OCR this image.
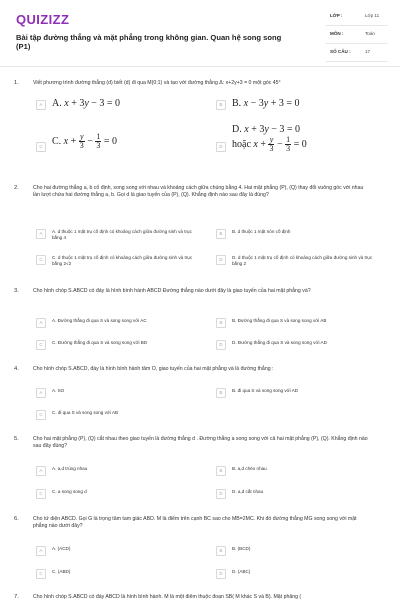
QUIZIZZ
Bài tập đường thẳng và mặt phẳng trong không gian. Quan hệ song song (P1)
LỚP :	Lớp 11
MÔN :	Toán
SỐ CÂU :	17
1.	Viết phương trình đường thẳng (d) biết (d) đi qua M(0;1) và tạo với đường thẳng Δ: x+2y+3 = 0 một góc 45°
A A. x + 3y − 3 = 0	B B. x − 3y + 3 = 0
C C. $x + \frac{y}{3} - \frac{1}{3} = 0$	D
D. x + 3y − 3 = 0
hoặc $x + \frac{y}{3} - \frac{1}{3} = 0$
2.	Cho hai đường thẳng a, b cố định, song song với nhau và khoảng cách giữa chúng bằng 4. Hai mặt phẳng (P), (Q) thay đổi vuông góc với nhau lần lượt chứa hai đường thẳng a, b. Gọi d là giao tuyến của (P), (Q). Khẳng định nào sau đây là đúng?
A	A. d thuộc 1 mặt trụ cố định có khoảng cách giữa đường sinh và trục bằng 4
B	B. d thuộc 1 mặt nón cố định
C	C. d thuộc 1 mặt trụ cố định có khoảng cách giữa đường sinh và trục bằng 2√2
D	D. d thuộc 1 mặt trụ cố định có khoảng cách giữa đường sinh và trục bằng 2
3.	Cho hình chóp S.ABCD có đáy là hình bình hành ABCD Đường thẳng nào dưới đây là giao tuyến của hai mặt phẳng và?
A	A. Đường thẳng đi qua S và song song với AC	B	B. Đường thẳng đi qua S và song song với AB
C	C. Đường thẳng đi qua S và song song với BD	D	D. Đường thẳng đi qua S và song song với AD
4.	Cho hình chóp S.ABCD, đáy là hình bình hành tâm O, giao tuyến của hai mặt phẳng và là đường thẳng :
A	A. SO	B	B. đi qua S và song song với AD
C	C. đi qua S và song song với AB
5.	Cho hai mặt phẳng (P), (Q) cắt nhau theo giao tuyến là đường thẳng d . Đường thẳng a song song với cả hai mặt phẳng (P), (Q). Khẳng định nào sau đây đúng?
A	A. a,d trùng nhau	B	B. a,d chéo nhau
C	C. a song song d	D	D. a,d cắt nhau
6.	Cho tứ diện ABCD. Gọi G là trọng tâm tam giác ABD. M là điểm trên cạnh BC sao cho MB=2MC. Khi đó đường thẳng MG song song với mặt phẳng nào dưới đây?
A	A. (ACD)	B	B. (BCD)
C	C. (ABD)	D	D. (ABC)
7.	Cho hình chóp S.ABCD có đáy ABCD là hình bình hành. M là một điểm thuộc đoạn SB( M khác S và B). Mặt phẳng (
